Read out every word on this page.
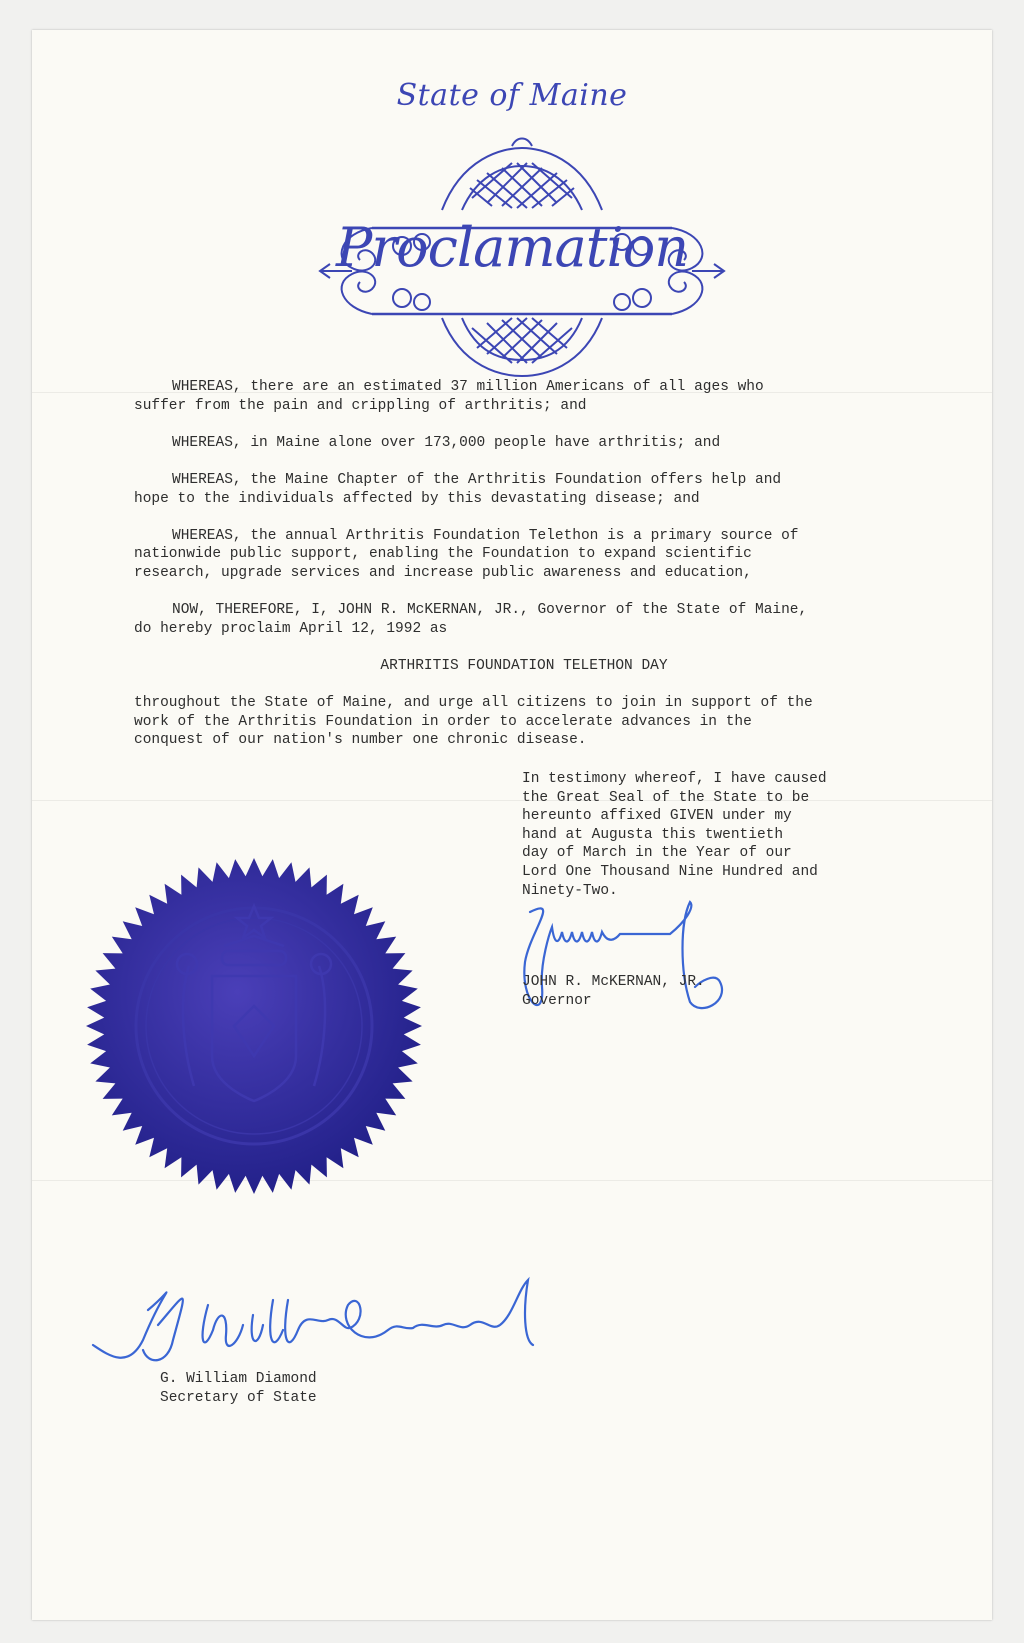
State of Maine
Proclamation

WHEREAS, there are an estimated 37 million Americans of all ages who
suffer from the pain and crippling of arthritis; and

WHEREAS, in Maine alone over 173,000 people have arthritis; and

WHEREAS, the Maine Chapter of the Arthritis Foundation offers help and
hope to the individuals affected by this devastating disease; and

WHEREAS, the annual Arthritis Foundation Telethon is a primary source of
nationwide public support, enabling the Foundation to expand scientific
research, upgrade services and increase public awareness and education,

NOW, THEREFORE, I, JOHN R. McKERNAN, JR., Governor of the State of Maine,
do hereby proclaim April 12, 1992 as

ARTHRITIS FOUNDATION TELETHON DAY

throughout the State of Maine, and urge all citizens to join in support of the
work of the Arthritis Foundation in order to accelerate advances in the
conquest of our nation's number one chronic disease.

In testimony whereof, I have caused
the Great Seal of the State to be
hereunto affixed GIVEN under my
hand at Augusta this twentieth
day of March in the Year of our
Lord One Thousand Nine Hundred and
Ninety-Two.
JOHN R. McKERNAN, JR.
Governor
G. William Diamond
Secretary of State
